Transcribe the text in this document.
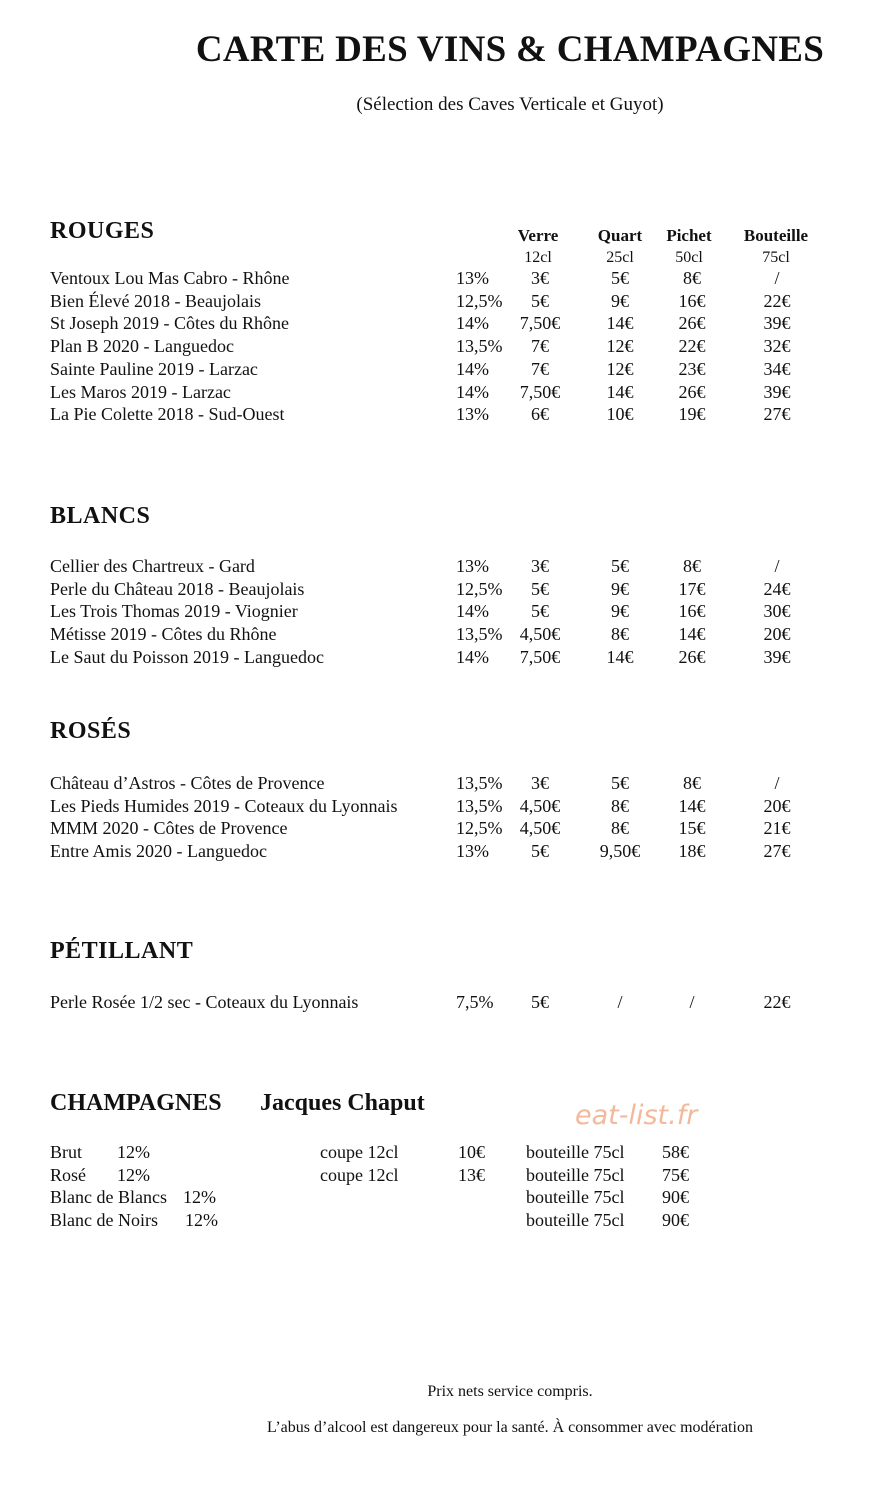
CARTE DES VINS & CHAMPAGNES
(Sélection des Caves Verticale et Guyot)
ROUGES	Verre	Quart	Pichet	Bouteille
12cl	25cl	50cl	75cl
Ventoux Lou Mas Cabro - Rhône	13%	3€	5€	8€	/
Bien Élevé 2018 - Beaujolais	12,5%	5€	9€	16€	22€
St Joseph 2019 - Côtes du Rhône	14%	7,50€	14€	26€	39€
Plan B 2020 - Languedoc	13,5%	7€	12€	22€	32€
Sainte Pauline 2019 - Larzac	14%	7€	12€	23€	34€
Les Maros 2019 - Larzac	14%	7,50€	14€	26€	39€
La Pie Colette 2018 - Sud-Ouest	13%	6€	10€	19€	27€
BLANCS
Cellier des Chartreux - Gard	13%	3€	5€	8€	/
Perle du Château 2018 - Beaujolais	12,5%	5€	9€	17€	24€
Les Trois Thomas 2019 - Viognier	14%	5€	9€	16€	30€
Métisse 2019 - Côtes du Rhône	13,5% 4,50€	8€	14€	20€
Le Saut du Poisson 2019 - Languedoc	14%	7,50€	14€	26€	39€
ROSÉS
Château d’Astros - Côtes de Provence	13,5%	3€	5€	8€	/
Les Pieds Humides 2019 - Coteaux du Lyonnais	13,5% 4,50€	8€	14€	20€
MMM 2020 - Côtes de Provence	12,5% 4,50€	8€	15€	21€
Entre Amis 2020 - Languedoc	13%	5€	9,50€	18€	27€
PÉTILLANT
Perle Rosée 1/2 sec - Coteaux du Lyonnais	7,5%	5€	/	/	22€
CHAMPAGNES Jacques Chaput	eat-list.fr
Brut 12%	coupe 12cl	10€ bouteille 75cl 58€
Rosé 12%	coupe 12cl	13€ bouteille 75cl 75€
Blanc de Blancs 12%	bouteille 75cl 90€
Blanc de Noirs 12%	bouteille 75cl 90€
Prix nets service compris.
L’abus d’alcool est dangereux pour la santé. À consommer avec modération
